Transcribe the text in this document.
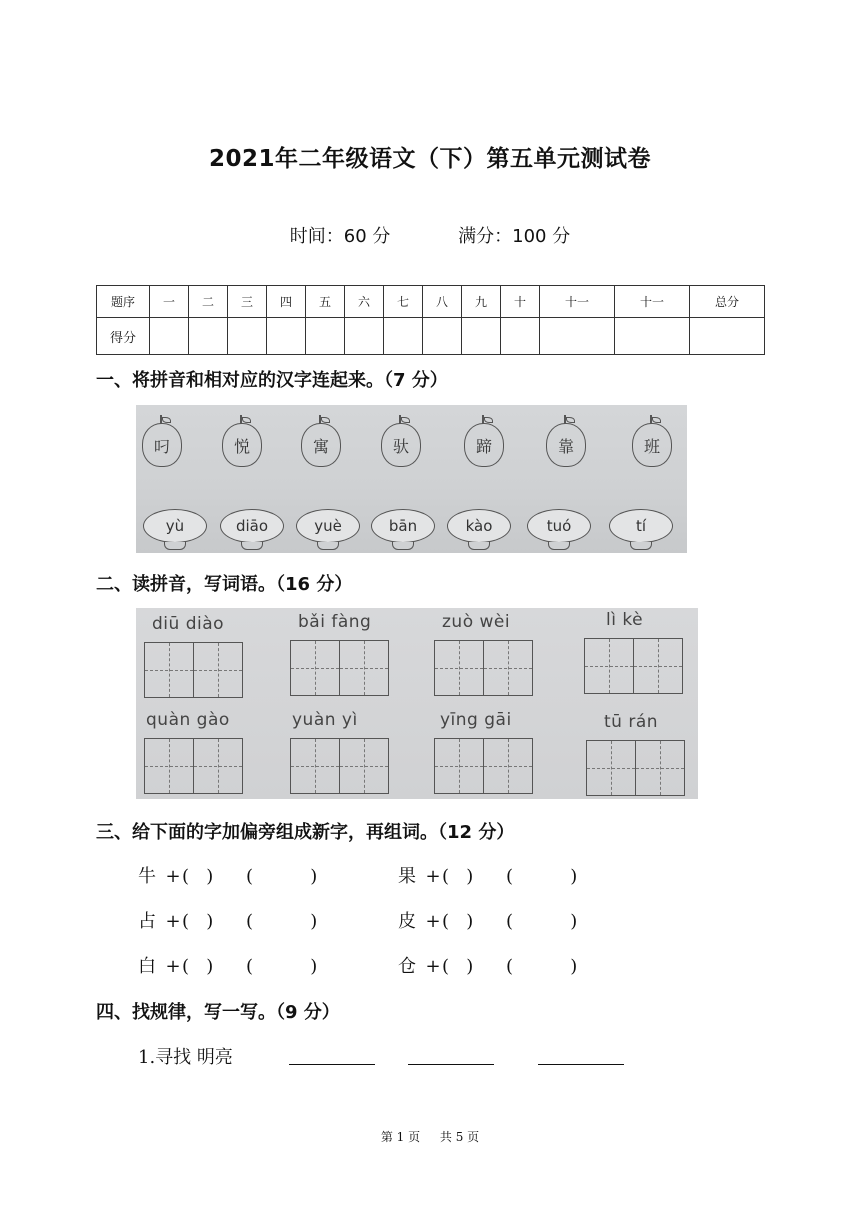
2021年二年级语文（下）第五单元测试卷
时间：60 分	满分：100 分
题序	一	二	三	四	五	六	七	八	九	十	十一	十一	总分
得分													
一、将拼音和相对应的汉字连起来。（7 分）
叼	悦	寓	驮	蹄	靠	班
yù	diāo	yuè	bān	kào	tuó	tí
二、读拼音，写词语。（16 分）
diū diào	bǎi fàng	zuò wèi	lì kè
quàn gào	yuàn yì	yīng gāi	tū rán
三、给下面的字加偏旁组成新字，再组词。（12 分）
牛 +(   ) (          )	果 +(   ) (          )
占 +(   ) (          )	皮 +(   ) (          )
白 +(   ) (          )	仓 +(   ) (          )
四、找规律，写一写。（9 分）
1.寻找 明亮
第 1 页 共 5 页
